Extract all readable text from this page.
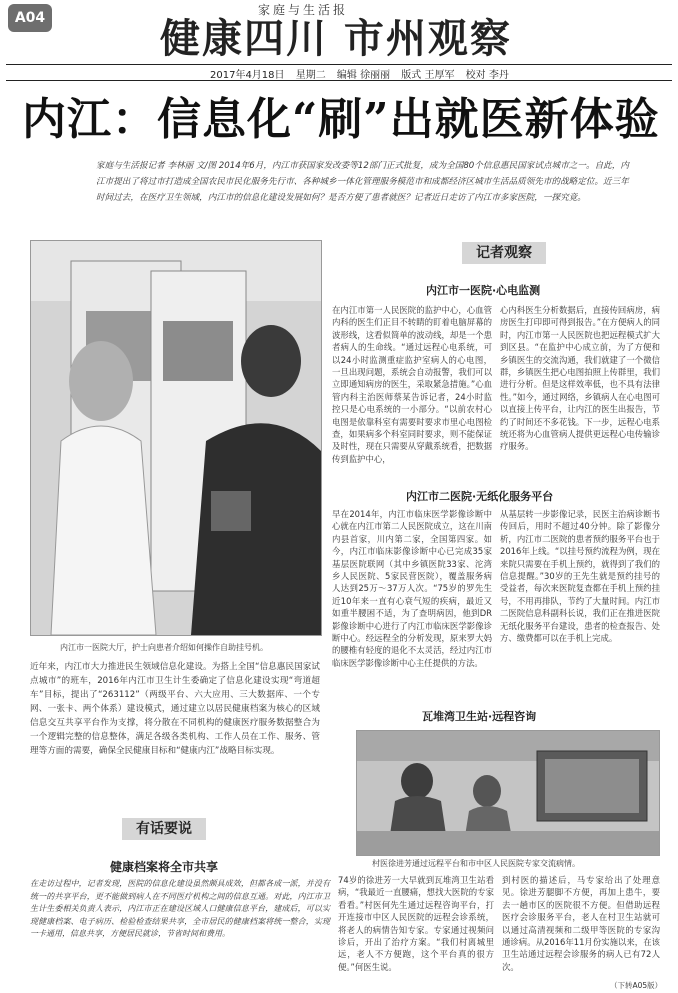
A04	家庭与生活报
健康四川 市州观察
2017年4月18日 星期二 编辑 徐丽丽 版式 王厚军 校对 李丹
内江：信息化“刷”出就医新体验
家庭与生活报记者 李林丽 文/图 2014年6月，内江市获国家发改委等12部门正式批复，成为全国80个信息惠民国家试点城市之一。自此，内江市提出了将过市打造成全国农民市民化服务先行市、各种城乡一体化管理服务模范市和成都经济区城市生活品质领先市的战略定位。近三年时间过去，在医疗卫生领域，内江市的信息化建设发展如何？是否方便了患者就医？记者近日走访了内江市多家医院，一探究竟。
内江市一医院大厅，护士向患者介绍如何操作自助挂号机。
近年来，内江市大力推进民生领域信息化建设。为搭上全国“信息惠民国家试点城市”的班车，2016年内江市卫生计生委确定了信息化建设实现“弯道超车”目标，提出了“263112”（两级平台、六大应用、三大数据库、一个专网、一张卡、两个体系）建设模式，通过建立以居民健康档案为核心的区域信息交互共享平台作为支撑，将分散在不同机构的健康医疗服务数据整合为一个逻辑完整的信息整体，满足各级各类机构、工作人员在工作、服务、管理等方面的需要，确保全民健康目标和“健康内江”战略目标实现。
有话要说
健康档案将全市共享
在走访过程中，记者发现，医院的信息化建设虽然颇具成效，但都各成一派，并没有统一的共享平台，更不能做到病人在不同医疗机构之间的信息互通。对此，内江市卫生计生委相关负责人表示，内江市正在建设区域人口健康信息平台，建成后，可以实现健康档案、电子病历、检验检查结果共享，全市居民的健康档案将统一整合，实现一卡通用，信息共享，方便居民就诊，节省时间和费用。
记者观察
内江市一医院·心电监测
在内江市第一人民医院的监护中心，心血管内科的医生们正目不转睛的盯着电脑屏幕的波形线，这看似简单的波动线，却是一个患者病人的生命线。“通过远程心电系统，可以24小时监测重症监护室病人的心电图，一旦出现问题，系统会自动报警，我们可以立即通知病房的医生，采取紧急措施。”心血管内科主治医师蔡某告诉记者，24小时监控只是心电系统的一小部分。“以前农村心电图是依靠科室有需要时要求市里心电图检查，如果病多个科室同时要求，则不能保证及时性，现在只需要从穿戴系统看，把数据传到监护中心，
心内科医生分析数据后，直接传回病房，病房医生打印即可得到报告。”在方便病人的同时，内江市第一人民医院也把远程模式扩大到区县。“在监护中心成立前，为了方便和乡镇医生的交流沟通，我们就建了一个微信群，乡镇医生把心电图拍照上传群里，我们进行分析。但是这样效率低，也不具有法律性。”如今，通过网络，乡镇病人在心电图可以直接上传平台，让内江的医生出报告，节约了时间还不多花钱。下一步，远程心电系统还将为心血管病人提供更远程心电传输诊疗服务。
内江市二医院·无纸化服务平台
早在2014年，内江市临床医学影像诊断中心就在内江市第二人民医院成立，这在川南内县首家，川内第二家，全国第四家。如今，内江市临床影像诊断中心已完成35家基层医院联网（其中乡镇医院33家、沱湾乡人民医院、5家民营医院），覆盖服务病人达到25万～37万人次。“75岁的罗先生近10年来一直有心衰气短的疾病，最近又如重半腰困不适，为了查明病因，他到DR影像诊断中心进行了内江市临床医学影像诊断中心。经远程全的分析发现，原来罗大妈的腰椎有轻度的退化不太灵活，经过内江市临床医学影像诊断中心主任提供的方法。
从基层转一步影像记录，民医主治病诊断书传回后，用时不超过40分钟。除了影像分析，内江市二医院的患者预约服务平台也于2016年上线。“以挂号预约流程为例，现在来院只需要在手机上预约，就得到了我们的信息提醒。”30岁的王先生就是预约挂号的受益者，每次来医院复查都在手机上预约挂号，不用再排队，节约了大量时间。内江市二医院信息科副科长说，我们正在推进医院无纸化服务平台建设，患者的检查报告、处方、缴费都可以在手机上完成。
瓦堆湾卫生站·远程咨询
村医徐进芳通过远程平台和市中区人民医院专家交流病情。
74岁的徐进芳一大早就到瓦堆湾卫生站看病，“我最近一直腰痛，想找大医院的专家看看。”村医何先生通过远程咨询平台，打开连接市中区人民医院的远程会诊系统，将老人的病情告知专家。专家通过视频问诊后，开出了治疗方案。“我们村离城里远，老人不方便跑，这个平台真的很方便。”何医生说。
到村医的描述后，马专家给出了处理意见。徐进芳腿脚不方便，再加上患牛，要去一趟市区的医院很不方便。但借助远程医疗会诊服务平台，老人在村卫生站就可以通过高清视频和二级甲等医院的专家沟通诊病。从2016年11月份实施以来，在该卫生站通过远程会诊服务的病人已有72人次。
（下转A05版）
